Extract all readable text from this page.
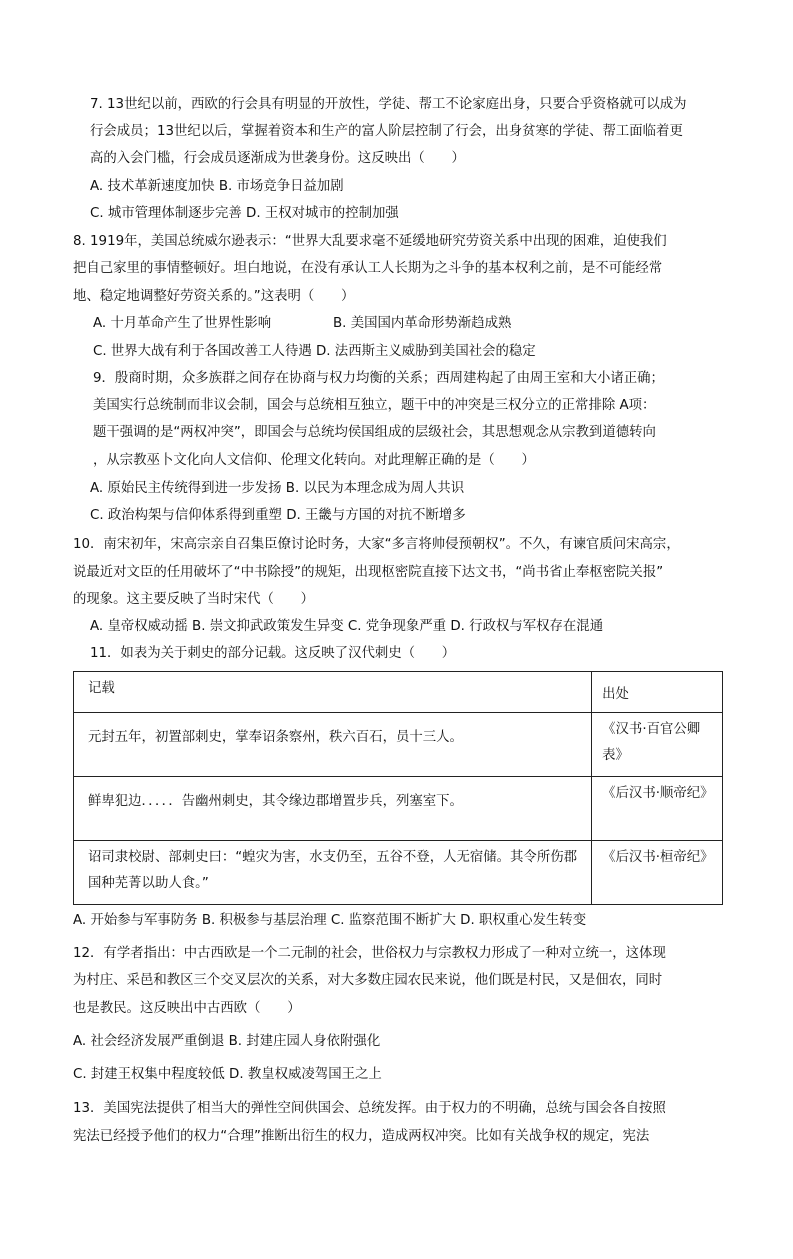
7. 13世纪以前，西欧的行会具有明显的开放性，学徒、帮工不论家庭出身，只要合乎资格就可以成为
行会成员；13世纪以后，掌握着资本和生产的富人阶层控制了行会，出身贫寒的学徒、帮工面临着更
高的入会门槛，行会成员逐渐成为世袭身份。这反映出（　　）
A. 技术革新速度加快 B. 市场竞争日益加剧
C. 城市管理体制逐步完善 D. 王权对城市的控制加强
8. 1919年，美国总统威尔逊表示：“世界大乱要求毫不延缓地研究劳资关系中出现的困难，迫使我们
把自己家里的事情整顿好。坦白地说，在没有承认工人长期为之斗争的基本权利之前，是不可能经常
地、稳定地调整好劳资关系的。”这表明（　　）
A. 十月革命产生了世界性影响	B. 美国国内革命形势渐趋成熟
C. 世界大战有利于各国改善工人待遇 D. 法西斯主义威胁到美国社会的稳定
9．殷商时期，众多族群之间存在协商与权力均衡的关系；西周建构起了由周王室和大小诸正确；
美国实行总统制而非议会制，国会与总统相互独立，题干中的冲突是三权分立的正常排除 A项：
题干强调的是“两权冲突”，即国会与总统均侯国组成的层级社会，其思想观念从宗教到道德转向
，从宗教巫卜文化向人文信仰、伦理文化转向。对此理解正确的是（　　）
A. 原始民主传统得到进一步发扬 B. 以民为本理念成为周人共识
C. 政治构架与信仰体系得到重塑 D. 王畿与方国的对抗不断增多
10．南宋初年，宋高宗亲自召集臣僚讨论时务，大家“多言将帅侵预朝权”。不久，有谏官质问宋高宗，
说最近对文臣的任用破坏了“中书除授”的规矩，出现枢密院直接下达文书，“尚书省止奉枢密院关报”
的现象。这主要反映了当时宋代（　　）
A. 皇帝权威动摇 B. 崇文抑武政策发生异变 C. 党争现象严重 D. 行政权与军权存在混通
11．如表为关于刺史的部分记载。这反映了汉代刺史（　　）
记载	出处

元封五年，初置部刺史，掌奉诏条察州，秩六百石，员十三人。	《汉书·百官公卿表》

鲜卑犯边．．．．．告幽州刺史，其令缘边郡增置步兵，列塞室下。	《后汉书·顺帝纪》

诏司隶校尉、部刺史曰：“蝗灾为害，水支仍至，五谷不登，人无宿储。其令所伤郡国种芜菁以助人食。”	《后汉书·桓帝纪》
A. 开始参与军事防务 B. 积极参与基层治理 C. 监察范围不断扩大 D. 职权重心发生转变
12．有学者指出：中古西欧是一个二元制的社会，世俗权力与宗教权力形成了一种对立统一，这体现
为村庄、采邑和教区三个交叉层次的关系，对大多数庄园农民来说，他们既是村民，又是佃农，同时
也是教民。这反映出中古西欧（　　）
A. 社会经济发展严重倒退 B. 封建庄园人身依附强化
C. 封建王权集中程度较低 D. 教皇权威凌驾国王之上
13．美国宪法提供了相当大的弹性空间供国会、总统发挥。由于权力的不明确，总统与国会各自按照
宪法已经授予他们的权力“合理”推断出衍生的权力，造成两权冲突。比如有关战争权的规定，宪法
